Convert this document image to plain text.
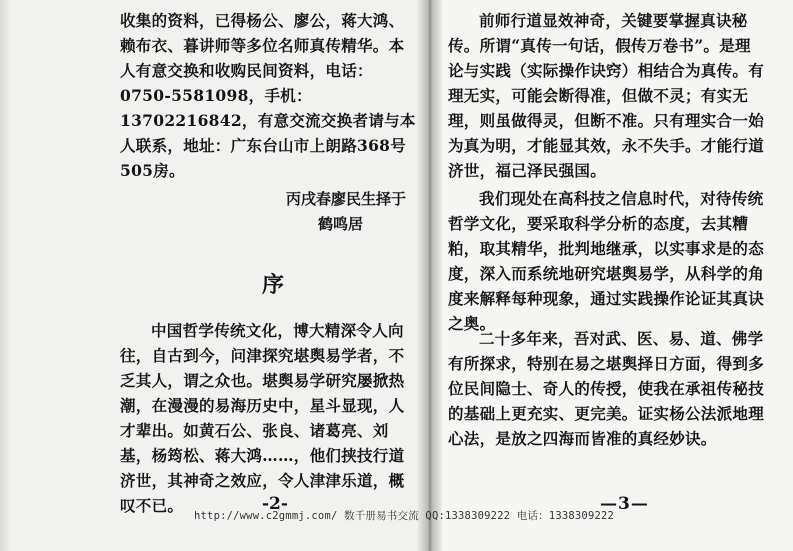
收集的资料，已得杨公、廖公，蒋大鸿、赖布衣、暮讲师等多位名师真传精华。本人有意交换和收购民间资料，电话：0750-5581098，手机：13702216842，有意交流交换者请与本人联系，地址：广东台山市上朗路368号505房。

丙戌春廖民生择于
鹤鸣居
序

中国哲学传统文化，博大精深令人向往，自古到今，问津探究堪舆易学者，不乏其人，谓之众也。堪舆易学研究屡掀热潮，在漫漫的易海历史中，星斗显现，人才辈出。如黄石公、张良、诸葛亮、刘基，杨筠松、蒋大鸿……，他们挟技行道济世，其神奇之效应，令人津津乐道，概叹不已。	-2-

前师行道显效神奇，关键要掌握真诀秘传。所谓“真传一句话，假传万卷书”。是理论与实践（实际操作诀窍）相结合为真传。有理无实，可能会断得准，但做不灵；有实无理，则虽做得灵，但断不准。只有理实合一始为真为明，才能显其效，永不失手。才能行道济世，福己泽民强国。

我们现处在高科技之信息时代，对待传统哲学文化，要采取科学分析的态度，去其糟粕，取其精华，批判地继承，以实事求是的态度，深入而系统地研究堪舆易学，从科学的角度来解释每种现象，通过实践操作论证其真诀之奥。

二十多年来，吾对武、医、易、道、佛学有所探求，特别在易之堪舆择日方面，得到多位民间隐士、奇人的传授，使我在承祖传秘技的基础上更充实、更完美。证实杨公法派地理心法，是放之四海而皆准的真经妙诀。

—3—
http://www.c2gmmj.com/ 数千册易书交流 QQ:1338309222 电话：1338309222
